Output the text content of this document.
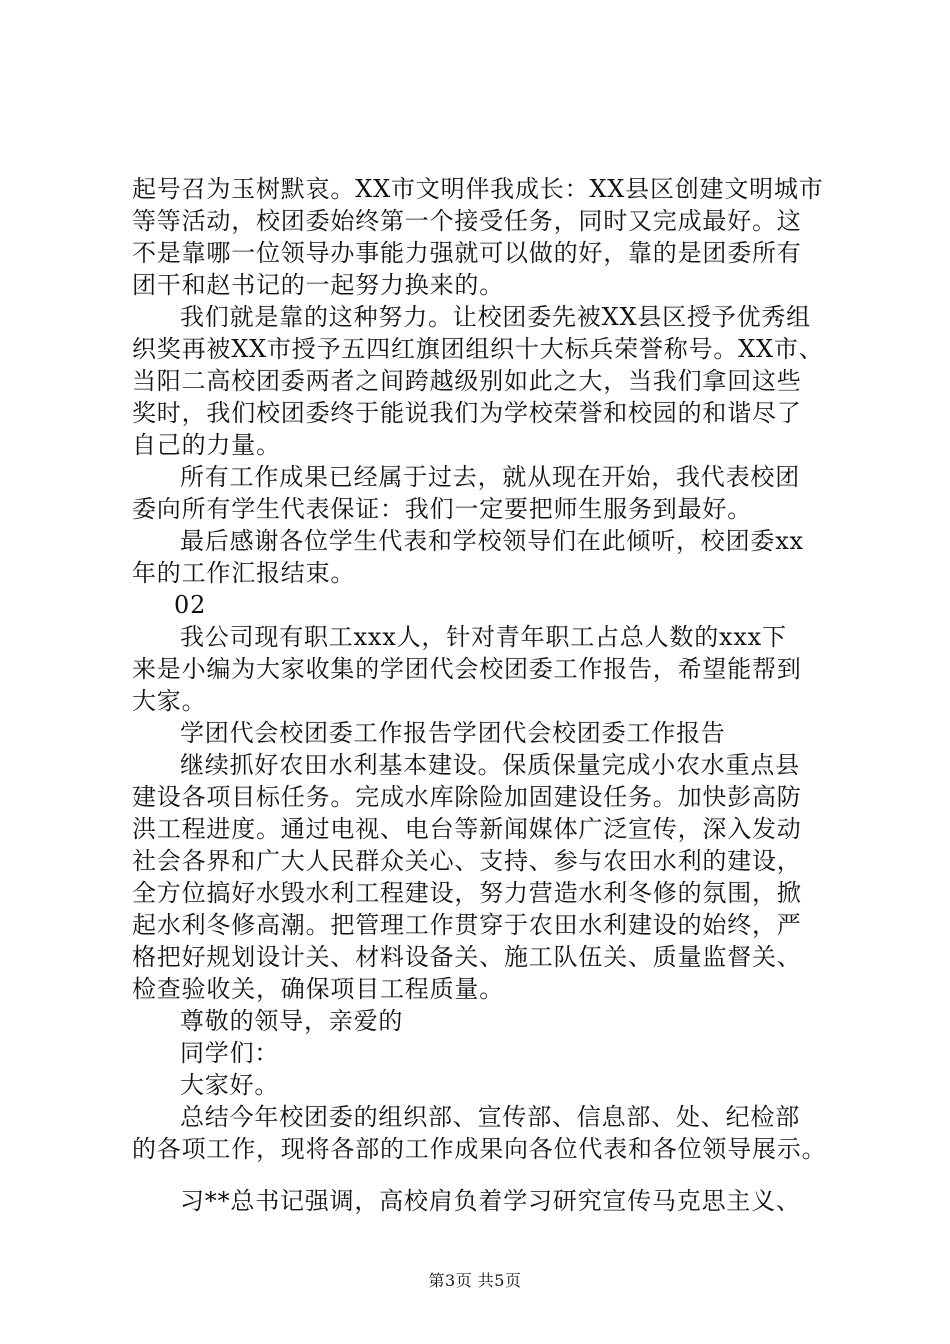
起号召为玉树默哀。XX市文明伴我成长：XX县区创建文明城市
等等活动，校团委始终第一个接受任务，同时又完成最好。这
不是靠哪一位领导办事能力强就可以做的好，靠的是团委所有
团干和赵书记的一起努力换来的。
我们就是靠的这种努力。让校团委先被XX县区授予优秀组
织奖再被XX市授予五四红旗团组织十大标兵荣誉称号。XX市、
当阳二高校团委两者之间跨越级别如此之大，当我们拿回这些
奖时，我们校团委终于能说我们为学校荣誉和校园的和谐尽了
自己的力量。
所有工作成果已经属于过去，就从现在开始，我代表校团
委向所有学生代表保证：我们一定要把师生服务到最好。
最后感谢各位学生代表和学校领导们在此倾听，校团委xx
年的工作汇报结束。
02
我公司现有职工xxx人，针对青年职工占总人数的xxx下
来是小编为大家收集的学团代会校团委工作报告，希望能帮到
大家。
学团代会校团委工作报告学团代会校团委工作报告
继续抓好农田水利基本建设。保质保量完成小农水重点县
建设各项目标任务。完成水库除险加固建设任务。加快彭高防
洪工程进度。通过电视、电台等新闻媒体广泛宣传，深入发动
社会各界和广大人民群众关心、支持、参与农田水利的建设，
全方位搞好水毁水利工程建设，努力营造水利冬修的氛围，掀
起水利冬修高潮。把管理工作贯穿于农田水利建设的始终，严
格把好规划设计关、材料设备关、施工队伍关、质量监督关、
检查验收关，确保项目工程质量。
尊敬的领导，亲爱的
同学们：
大家好。
总结今年校团委的组织部、宣传部、信息部、处、纪检部
的各项工作，现将各部的工作成果向各位代表和各位领导展示。
习**总书记强调，高校肩负着学习研究宣传马克思主义、
第3页 共5页
